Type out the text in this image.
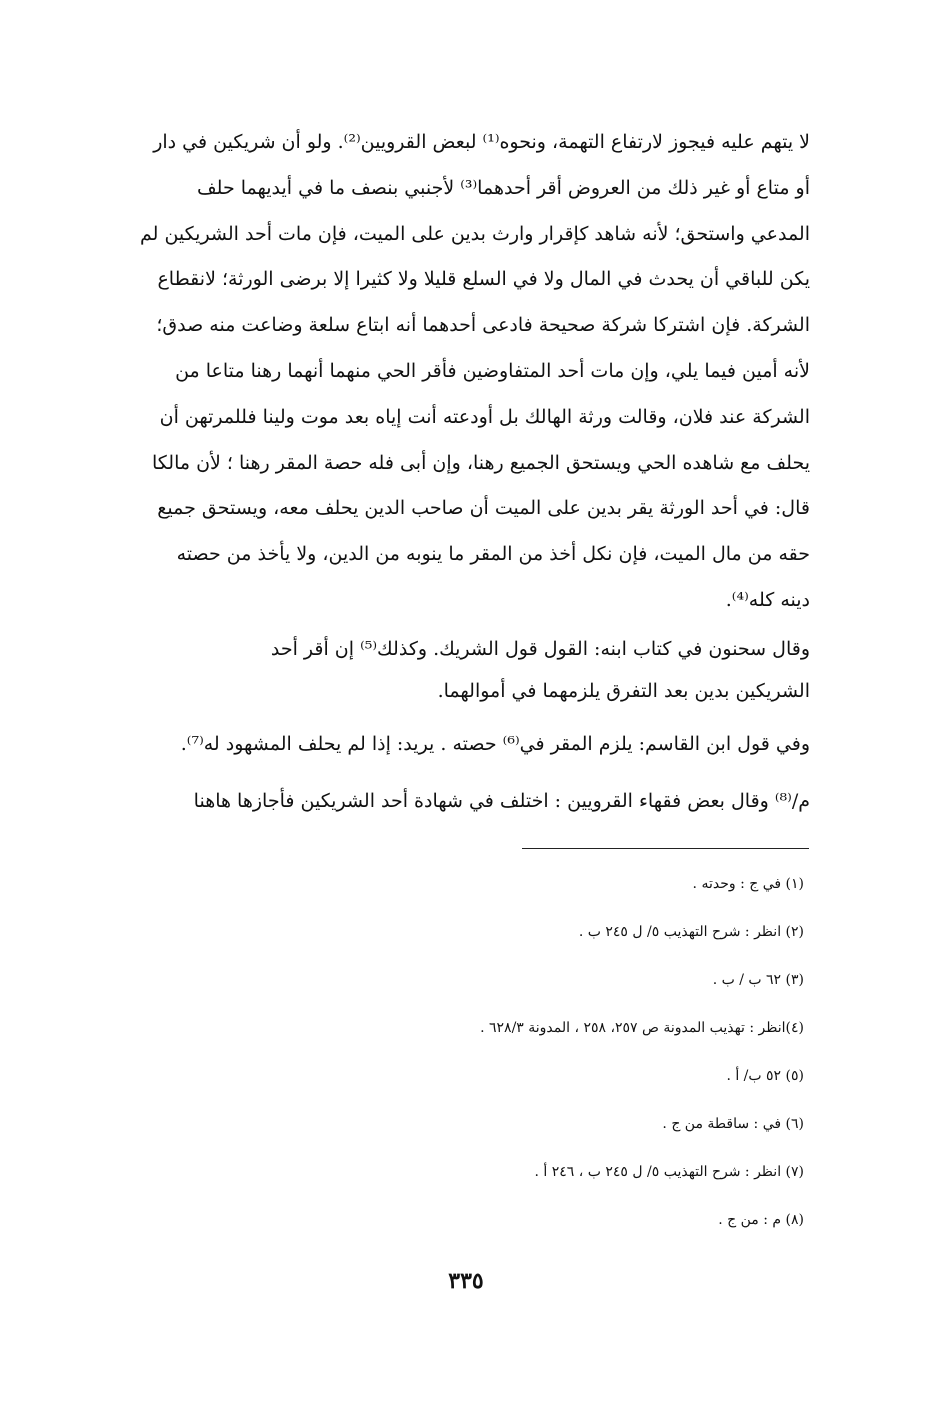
لا يتهم عليه فيجوز لارتفاع التهمة، ونحوه⁽¹⁾ لبعض القرويين⁽²⁾. ولو أن شريكين في دار
أو متاع أو غير ذلك من العروض أقر أحدهما⁽³⁾ لأجنبي بنصف ما في أيديهما حلف
المدعي واستحق؛ لأنه شاهد كإقرار وارث بدين على الميت، فإن مات أحد الشريكين لم
يكن للباقي أن يحدث في المال ولا في السلع قليلا ولا كثيرا إلا برضى الورثة؛ لانقطاع
الشركة. فإن اشتركا شركة صحيحة فادعى أحدهما أنه ابتاع سلعة وضاعت منه صدق؛
لأنه أمين فيما يلي، وإن مات أحد المتفاوضين فأقر الحي منهما أنهما رهنا متاعا من
الشركة عند فلان، وقالت ورثة الهالك بل أودعته أنت إياه بعد موت ولينا فللمرتهن أن
يحلف مع شاهده الحي ويستحق الجميع رهنا، وإن أبى فله حصة المقر رهنا ؛ لأن مالكا
قال: في أحد الورثة يقر بدين على الميت أن صاحب الدين يحلف معه، ويستحق جميع
حقه من مال الميت، فإن نكل أخذ من المقر ما ينوبه من الدين، ولا يأخذ من حصته
دينه كله⁽⁴⁾.
وقال سحنون في كتاب ابنه: القول قول الشريك. وكذلك⁽⁵⁾ إن أقر أحد
الشريكين بدين بعد التفرق يلزمهما في أموالهما.
وفي قول ابن القاسم: يلزم المقر في⁽⁶⁾ حصته . يريد: إذا لم يحلف المشهود له⁽⁷⁾.
م/⁽⁸⁾ وقال بعض فقهاء القرويين : اختلف في شهادة أحد الشريكين فأجازها هاهنا
(١) في ج : وحدته .
(٢) انظر : شرح التهذيب ٥/ ل ٢٤٥ ب .
(٣) ٦٢ ب / ب .
(٤)انظر : تهذيب المدونة ص ٢٥٧، ٢٥٨ ، المدونة ٦٢٨/٣ .
(٥) ٥٢ ب/ أ .
(٦) في : ساقطة من ج .
(٧) انظر : شرح التهذيب ٥/ ل ٢٤٥ ب ، ٢٤٦ أ .
(٨) م : من ج .
٣٣٥
